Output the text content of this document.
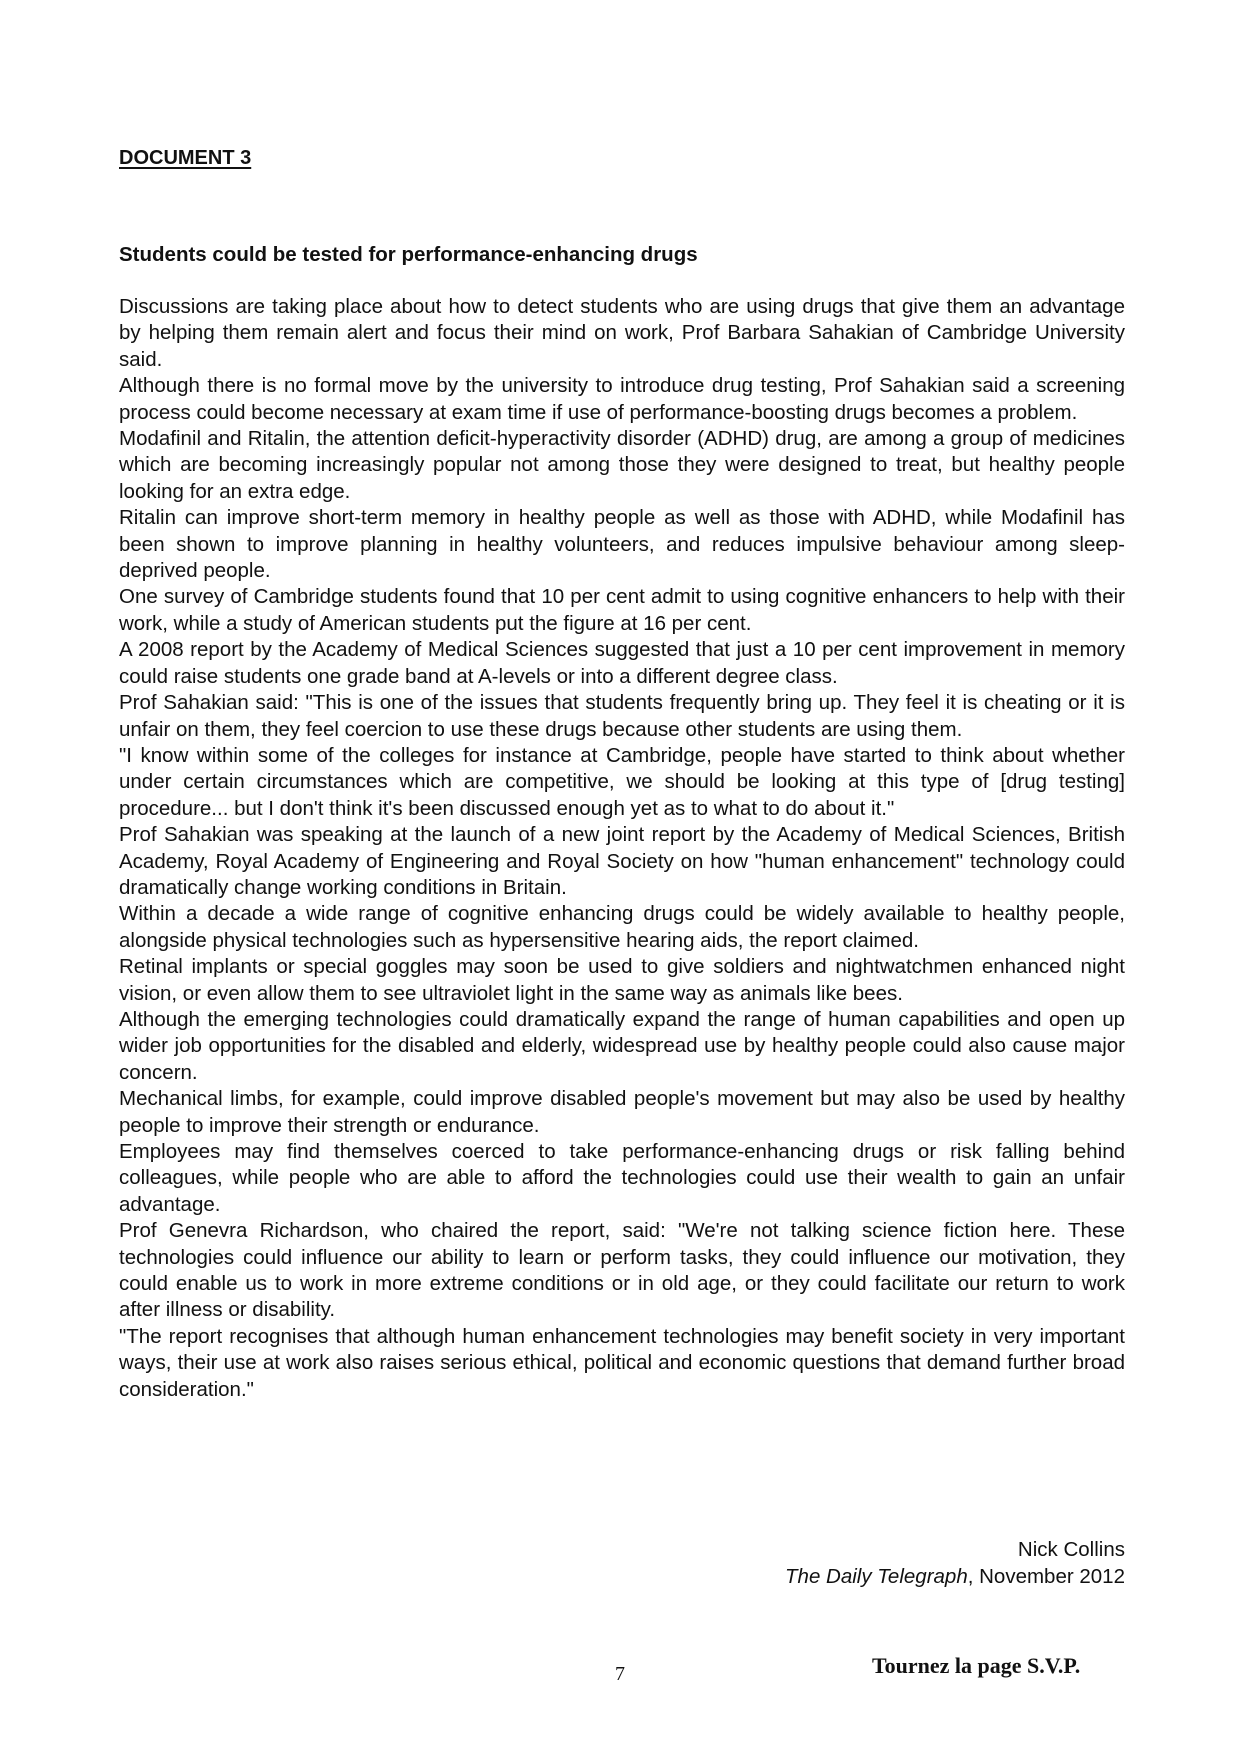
DOCUMENT 3
Students could be tested for performance-enhancing drugs

Discussions are taking place about how to detect students who are using drugs that give them an advantage by helping them remain alert and focus their mind on work, Prof Barbara Sahakian of Cambridge University said.

Although there is no formal move by the university to introduce drug testing, Prof Sahakian said a screening process could become necessary at exam time if use of performance-boosting drugs becomes a problem.

Modafinil and Ritalin, the attention deficit-hyperactivity disorder (ADHD) drug, are among a group of medicines which are becoming increasingly popular not among those they were designed to treat, but healthy people looking for an extra edge.

Ritalin can improve short-term memory in healthy people as well as those with ADHD, while Modafinil has been shown to improve planning in healthy volunteers, and reduces impulsive behaviour among sleep-deprived people.

One survey of Cambridge students found that 10 per cent admit to using cognitive enhancers to help with their work, while a study of American students put the figure at 16 per cent.

A 2008 report by the Academy of Medical Sciences suggested that just a 10 per cent improvement in memory could raise students one grade band at A-levels or into a different degree class.

Prof Sahakian said: "This is one of the issues that students frequently bring up. They feel it is cheating or it is unfair on them, they feel coercion to use these drugs because other students are using them.

"I know within some of the colleges for instance at Cambridge, people have started to think about whether under certain circumstances which are competitive, we should be looking at this type of [drug testing] procedure... but I don't think it's been discussed enough yet as to what to do about it."

Prof Sahakian was speaking at the launch of a new joint report by the Academy of Medical Sciences, British Academy, Royal Academy of Engineering and Royal Society on how "human enhancement" technology could dramatically change working conditions in Britain.

Within a decade a wide range of cognitive enhancing drugs could be widely available to healthy people, alongside physical technologies such as hypersensitive hearing aids, the report claimed.

Retinal implants or special goggles may soon be used to give soldiers and nightwatchmen enhanced night vision, or even allow them to see ultraviolet light in the same way as animals like bees.

Although the emerging technologies could dramatically expand the range of human capabilities and open up wider job opportunities for the disabled and elderly, widespread use by healthy people could also cause major concern.

Mechanical limbs, for example, could improve disabled people's movement but may also be used by healthy people to improve their strength or endurance.

Employees may find themselves coerced to take performance-enhancing drugs or risk falling behind colleagues, while people who are able to afford the technologies could use their wealth to gain an unfair advantage.

Prof Genevra Richardson, who chaired the report, said: "We're not talking science fiction here. These technologies could influence our ability to learn or perform tasks, they could influence our motivation, they could enable us to work in more extreme conditions or in old age, or they could facilitate our return to work after illness or disability.

"The report recognises that although human enhancement technologies may benefit society in very important ways, their use at work also raises serious ethical, political and economic questions that demand further broad consideration."

Nick Collins
The Daily Telegraph, November 2012
7	Tournez la page S.V.P.
